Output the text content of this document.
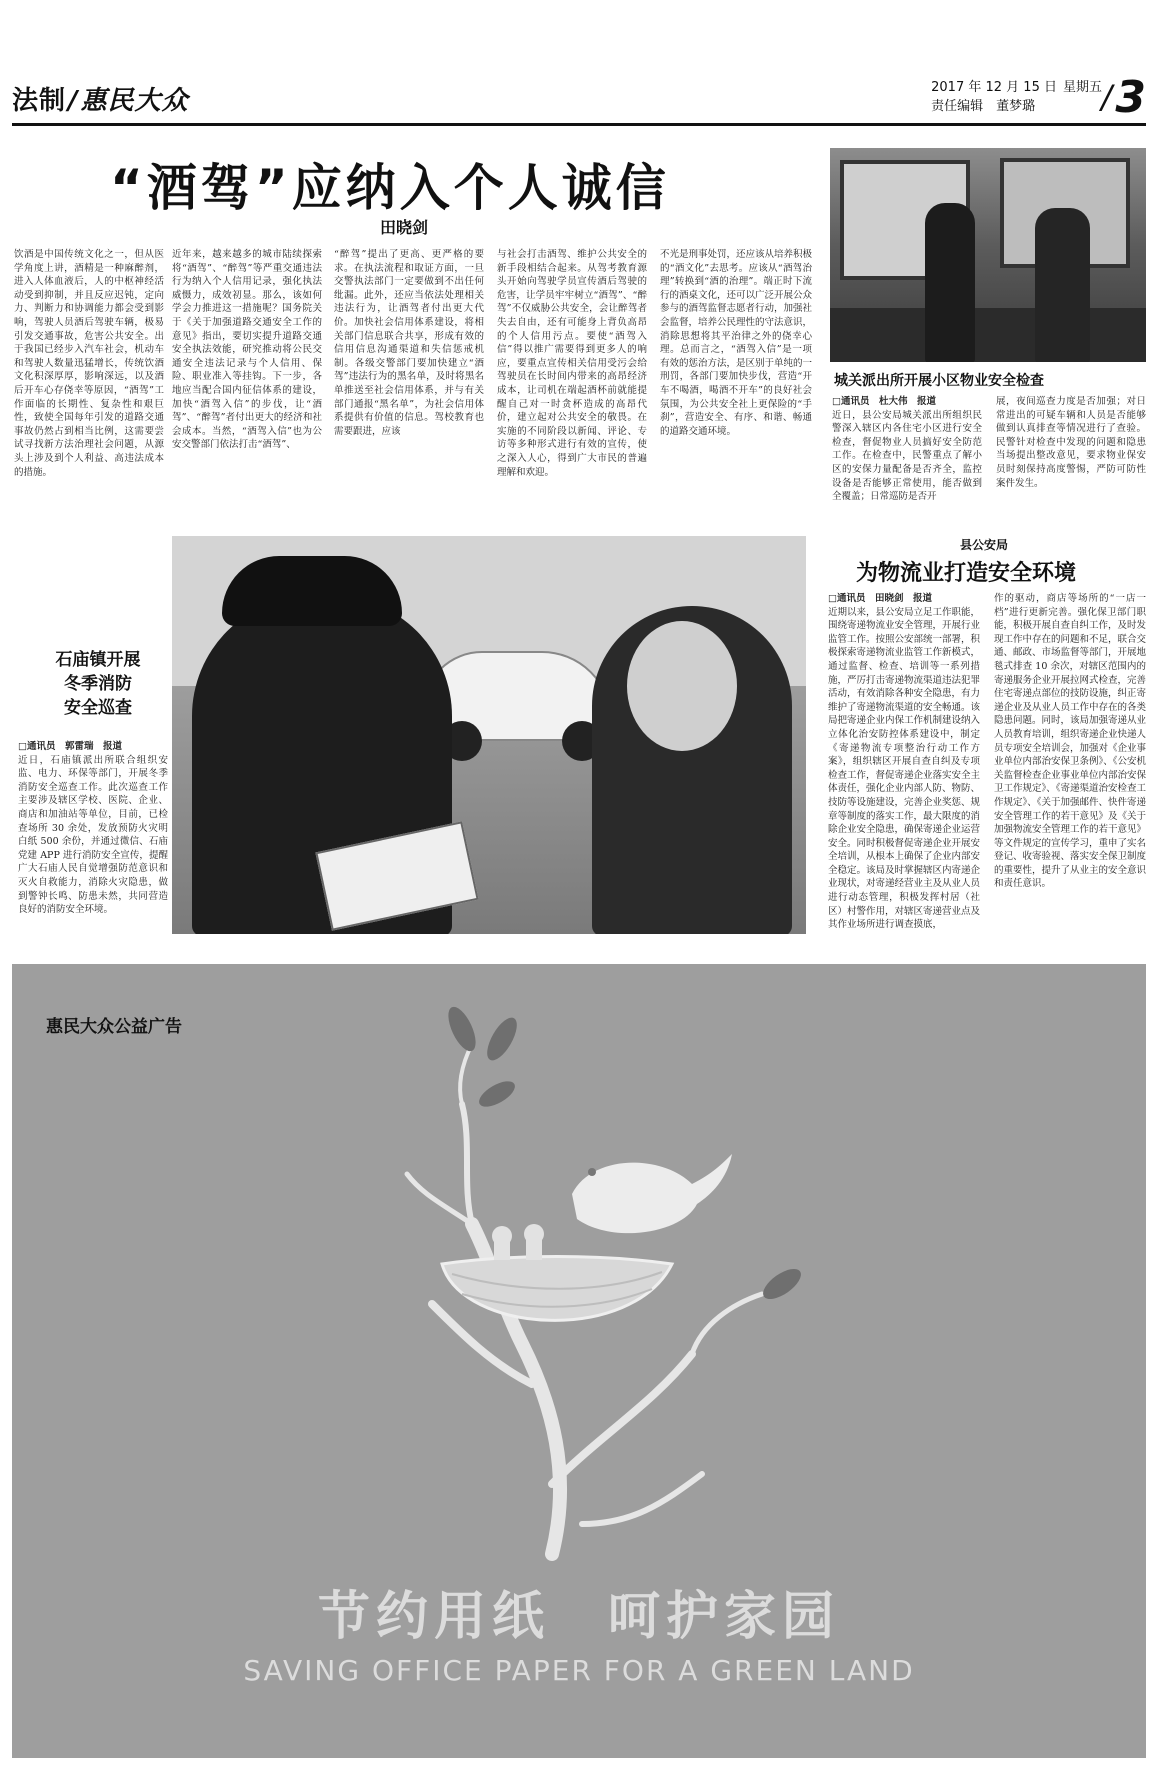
法制/惠民大众	2017 年 12 月 15 日 星期五
责任编辑　董梦璐	/ 3
“酒驾”应纳入个人诚信
田晓剑
饮酒是中国传统文化之一，但从医学角度上讲，酒精是一种麻醉剂，进入人体血液后，人的中枢神经活动受到抑制，并且反应迟钝，定向力、判断力和协调能力都会受到影响，驾驶人员酒后驾驶车辆，极易引发交通事故，危害公共安全。出于我国已经步入汽车社会，机动车和驾驶人数量迅猛增长，传统饮酒文化积深厚厚，影响深远，以及酒后开车心存侥幸等原因，“酒驾”工作面临的长期性、复杂性和艰巨性，致使全国每年引发的道路交通事故仍然占到相当比例，这需要尝试寻找新方法治理社会问题，从源头上涉及到个人利益、高违法成本的措施。
近年来，越来越多的城市陆续探索将“酒驾”、“醉驾”等严重交通违法行为纳入个人信用记录，强化执法威慑力，成效初显。那么，该如何学会力推进这一措施呢？国务院关于《关于加强道路交通安全工作的意见》指出，要切实提升道路交通安全执法效能，研究推动将公民交通安全违法记录与个人信用、保险、职业准入等挂钩。下一步，各地应当配合国内征信体系的建设，加快“酒驾入信”的步伐，让“酒驾”、“醉驾”者付出更大的经济和社会成本。当然，“酒驾入信”也为公安交警部门依法打击“酒驾”、
“醉驾”提出了更高、更严格的要求。在执法流程和取证方面，一旦交警执法部门一定要做到不出任何纰漏。此外，还应当依法处理相关违法行为，让酒驾者付出更大代价。加快社会信用体系建设，将相关部门信息联合共享，形成有效的信用信息沟通渠道和失信惩戒机制。各级交警部门要加快建立“酒驾”违法行为的黑名单，及时将黑名单推送至社会信用体系，并与有关部门通报“黑名单”，为社会信用体系提供有价值的信息。驾校教育也需要跟进，应该
与社会打击酒驾、维护公共安全的新手段相结合起来。从驾考教育源头开始向驾驶学员宣传酒后驾驶的危害，让学员牢牢树立“酒驾”、“醉驾”不仅威胁公共安全，会让醉驾者失去自由，还有可能身上背负高昂的个人信用污点。要使“酒驾入信”得以推广需要得到更多人的响应，要重点宣传相关信用受污会给驾驶员在长时间内带来的高昂经济成本，让司机在端起酒杯前就能提醒自己对一时贪杯造成的高昂代价，建立起对公共安全的敬畏。在实施的不同阶段以新闻、评论、专访等多种形式进行有效的宣传，使之深入人心，得到广大市民的普遍理解和欢迎。
不光是刑事处罚，还应该从培养积极的“酒文化”去思考。应该从“酒驾治理”转换到“酒的治理”。端正时下流行的酒桌文化，还可以广泛开展公众参与的酒驾监督志愿者行动，加强社会监督，培养公民理性的守法意识，消除思想将其平治律之外的侥幸心理。总而言之，“酒驾入信”是一项有效的惩治方法，是区别于单纯的一刑罚，各部门要加快步伐，营造“开车不喝酒，喝酒不开车”的良好社会氛围，为公共安全社上更保险的“手刹”，营造安全、有序、和谐、畅通的道路交通环境。
城关派出所开展小区物业安全检查
□通讯员　杜大伟　报道
近日，县公安局城关派出所组织民警深入辖区内各住宅小区进行安全检查，督促物业人员搞好安全防范工作。在检查中，民警重点了解小区的安保力量配备是否齐全，监控设备是否能够正常使用，能否做到全覆盖；日常巡防是否开
展，夜间巡查力度是否加强；对日常进出的可疑车辆和人员是否能够做到认真排查等情况进行了查验。民警针对检查中发现的问题和隐患当场提出整改意见，要求物业保安员时刻保持高度警惕，严防可防性案件发生。
县公安局
为物流业打造安全环境
□通讯员　田晓剑　报道
近期以来，县公安局立足工作职能，围绕寄递物流业安全管理，开展行业监管工作。按照公安部统一部署，积极探索寄递物流业监管工作新模式，通过监督、检查、培训等一系列措施，严厉打击寄递物流渠道违法犯罪活动，有效消除各种安全隐患，有力维护了寄递物流渠道的安全畅通。该局把寄递企业内保工作机制建设纳入立体化治安防控体系建设中，制定《寄递物流专项整治行动工作方案》，组织辖区开展自查自纠及专项检查工作，督促寄递企业落实安全主体责任，强化企业内部人防、物防、技防等设施建设，完善企业奖惩、规章等制度的落实工作，最大限度的消除企业安全隐患，确保寄递企业运营安全。同时积极督促寄递企业开展安全培训，从根本上确保了企业内部安全稳定。该局及时掌握辖区内寄递企业现状，对寄递经营业主及从业人员进行动态管理，积极发挥村居（社区）村警作用，对辖区寄递营业点及其作业场所进行调查摸底，
作的驱动，商店等场所的“一店一档”进行更新完善。强化保卫部门职能，积极开展自查自纠工作，及时发现工作中存在的问题和不足，联合交通、邮政、市场监督等部门，开展地毯式排查 10 余次，对辖区范围内的寄递服务企业开展拉网式检查，完善住宅寄递点部位的技防设施，纠正寄递企业及从业人员工作中存在的各类隐患问题。同时，该局加强寄递从业人员教育培训，组织寄递企业快递人员专项安全培训会，加强对《企业事业单位内部治安保卫条例》、《公安机关监督检查企业事业单位内部治安保卫工作规定》、《寄递渠道治安检查工作规定》、《关于加强邮件、快件寄递安全管理工作的若干意见》及《关于加强物流安全管理工作的若干意见》等文件规定的宣传学习，重申了实名登记、收寄验视、落实安全保卫制度的重要性，提升了从业主的安全意识和责任意识。
石庙镇开展
冬季消防
安全巡查
□通讯员　郭雷瑞　报道
近日，石庙镇派出所联合组织安监、电力、环保等部门，开展冬季消防安全巡查工作。此次巡查工作主要涉及辖区学校、医院、企业、商店和加油站等单位，目前，已检查场所 30 余处，发放预防火灾明白纸 500 余份，并通过微信、石庙党建 APP 进行消防安全宣传，提醒广大石庙人民自觉增强防范意识和灭火自救能力，消除火灾隐患，做到警钟长鸣、防患未然，共同营造良好的消防安全环境。
惠民大众公益广告
节约用纸　呵护家园
SAVING OFFICE PAPER FOR A GREEN LAND
